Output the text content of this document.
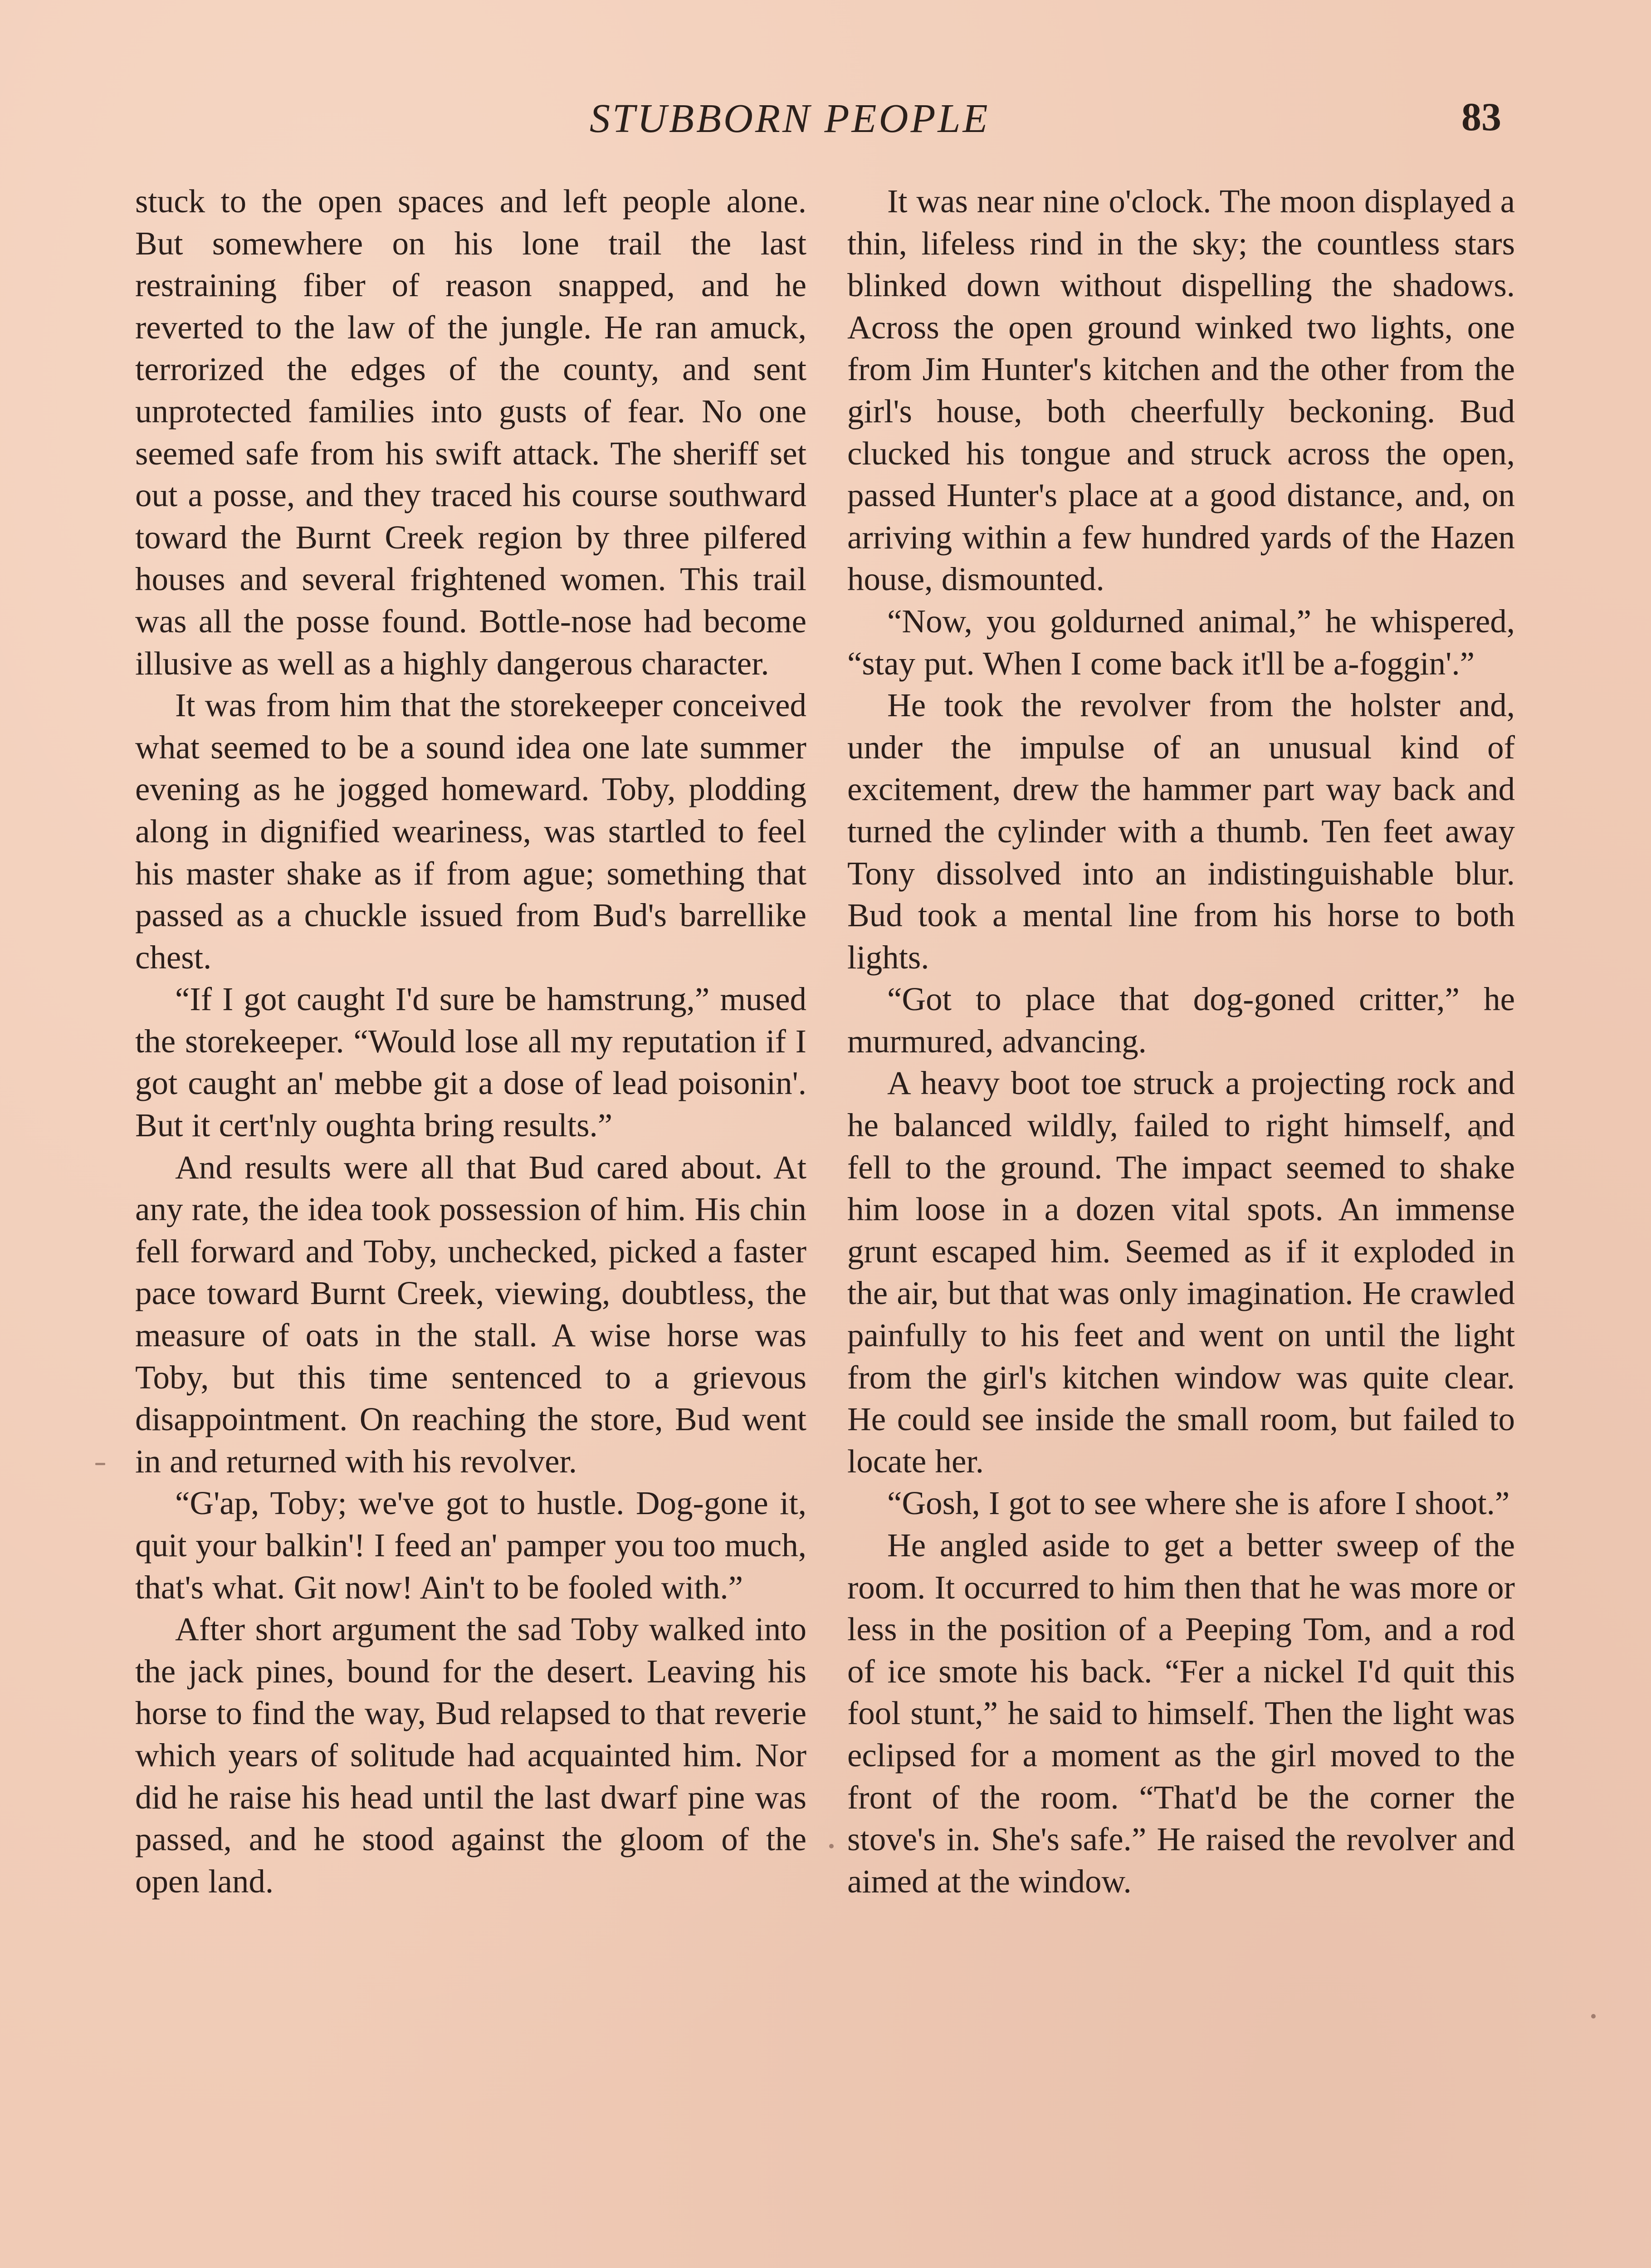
STUBBORN PEOPLE	83

stuck to the open spaces and left people alone. But somewhere on his lone trail the last restraining fiber of reason snapped, and he reverted to the law of the jungle. He ran amuck, terrorized the edges of the county, and sent unprotected families into gusts of fear. No one seemed safe from his swift attack. The sheriff set out a posse, and they traced his course southward toward the Burnt Creek region by three pilfered houses and several frightened women. This trail was all the posse found. Bottle-nose had become illusive as well as a highly dangerous character.

It was from him that the storekeeper conceived what seemed to be a sound idea one late summer evening as he jogged homeward. Toby, plodding along in dignified weariness, was startled to feel his master shake as if from ague; something that passed as a chuckle issued from Bud's barrellike chest.

“If I got caught I'd sure be hamstrung,” mused the storekeeper. “Would lose all my reputation if I got caught an' mebbe git a dose of lead poisonin'. But it cert'nly oughta bring results.”

And results were all that Bud cared about. At any rate, the idea took possession of him. His chin fell forward and Toby, unchecked, picked a faster pace toward Burnt Creek, viewing, doubtless, the measure of oats in the stall. A wise horse was Toby, but this time sentenced to a grievous disappointment. On reaching the store, Bud went in and returned with his revolver.

“G'ap, Toby; we've got to hustle. Dog-gone it, quit your balkin'! I feed an' pamper you too much, that's what. Git now! Ain't to be fooled with.”

After short argument the sad Toby walked into the jack pines, bound for the desert. Leaving his horse to find the way, Bud relapsed to that reverie which years of solitude had acquainted him. Nor did he raise his head until the last dwarf pine was passed, and he stood against the gloom of the open land.

It was near nine o'clock. The moon displayed a thin, lifeless rind in the sky; the countless stars blinked down without dispelling the shadows. Across the open ground winked two lights, one from Jim Hunter's kitchen and the other from the girl's house, both cheerfully beckoning. Bud clucked his tongue and struck across the open, passed Hunter's place at a good distance, and, on arriving within a few hundred yards of the Hazen house, dismounted.

“Now, you goldurned animal,” he whispered, “stay put. When I come back it'll be a-foggin'.”

He took the revolver from the holster and, under the impulse of an unusual kind of excitement, drew the hammer part way back and turned the cylinder with a thumb. Ten feet away Tony dissolved into an indistinguishable blur. Bud took a mental line from his horse to both lights.

“Got to place that dog-goned critter,” he murmured, advancing.

A heavy boot toe struck a projecting rock and he balanced wildly, failed to right himself, and fell to the ground. The impact seemed to shake him loose in a dozen vital spots. An immense grunt escaped him. Seemed as if it exploded in the air, but that was only imagination. He crawled painfully to his feet and went on until the light from the girl's kitchen window was quite clear. He could see inside the small room, but failed to locate her.

“Gosh, I got to see where she is afore I shoot.”

He angled aside to get a better sweep of the room. It occurred to him then that he was more or less in the position of a Peeping Tom, and a rod of ice smote his back. “Fer a nickel I'd quit this fool stunt,” he said to himself. Then the light was eclipsed for a moment as the girl moved to the front of the room. “That'd be the corner the stove's in. She's safe.” He raised the revolver and aimed at the window.
